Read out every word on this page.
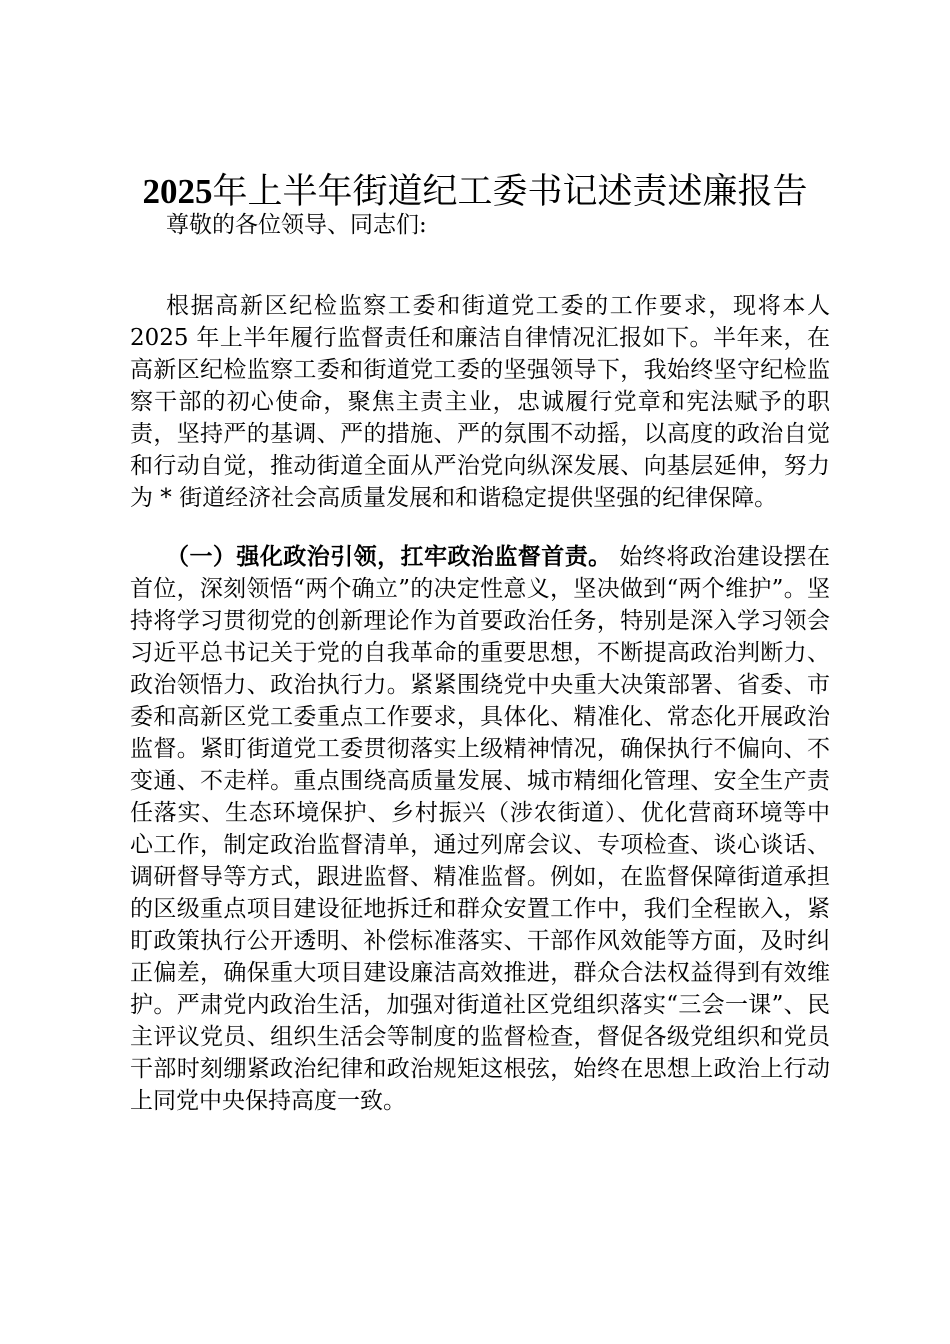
2025年上半年街道纪工委书记述责述廉报告

尊敬的各位领导、同志们:

根据高新区纪检监察工委和街道党工委的工作要求，现将本人 2025 年上半年履行监督责任和廉洁自律情况汇报如下。半年来，在高新区纪检监察工委和街道党工委的坚强领导下，我始终坚守纪检监察干部的初心使命，聚焦主责主业，忠诚履行党章和宪法赋予的职责，坚持严的基调、严的措施、严的氛围不动摇，以高度的政治自觉和行动自觉，推动街道全面从严治党向纵深发展、向基层延伸，努力为 * 街道经济社会高质量发展和和谐稳定提供坚强的纪律保障。

（一）强化政治引领，扛牢政治监督首责。 始终将政治建设摆在首位，深刻领悟“两个确立”的决定性意义，坚决做到“两个维护”。坚持将学习贯彻党的创新理论作为首要政治任务，特别是深入学习领会习近平总书记关于党的自我革命的重要思想，不断提高政治判断力、政治领悟力、政治执行力。紧紧围绕党中央重大决策部署、省委、市委和高新区党工委重点工作要求，具体化、精准化、常态化开展政治监督。紧盯街道党工委贯彻落实上级精神情况，确保执行不偏向、不变通、不走样。重点围绕高质量发展、城市精细化管理、安全生产责任落实、生态环境保护、乡村振兴（涉农街道）、优化营商环境等中心工作，制定政治监督清单，通过列席会议、专项检查、谈心谈话、调研督导等方式，跟进监督、精准监督。例如，在监督保障街道承担的区级重点项目建设征地拆迁和群众安置工作中，我们全程嵌入，紧盯政策执行公开透明、补偿标准落实、干部作风效能等方面，及时纠正偏差，确保重大项目建设廉洁高效推进，群众合法权益得到有效维护。严肃党内政治生活，加强对街道社区党组织落实“三会一课”、民主评议党员、组织生活会等制度的监督检查，督促各级党组织和党员干部时刻绷紧政治纪律和政治规矩这根弦，始终在思想上政治上行动上同党中央保持高度一致。
